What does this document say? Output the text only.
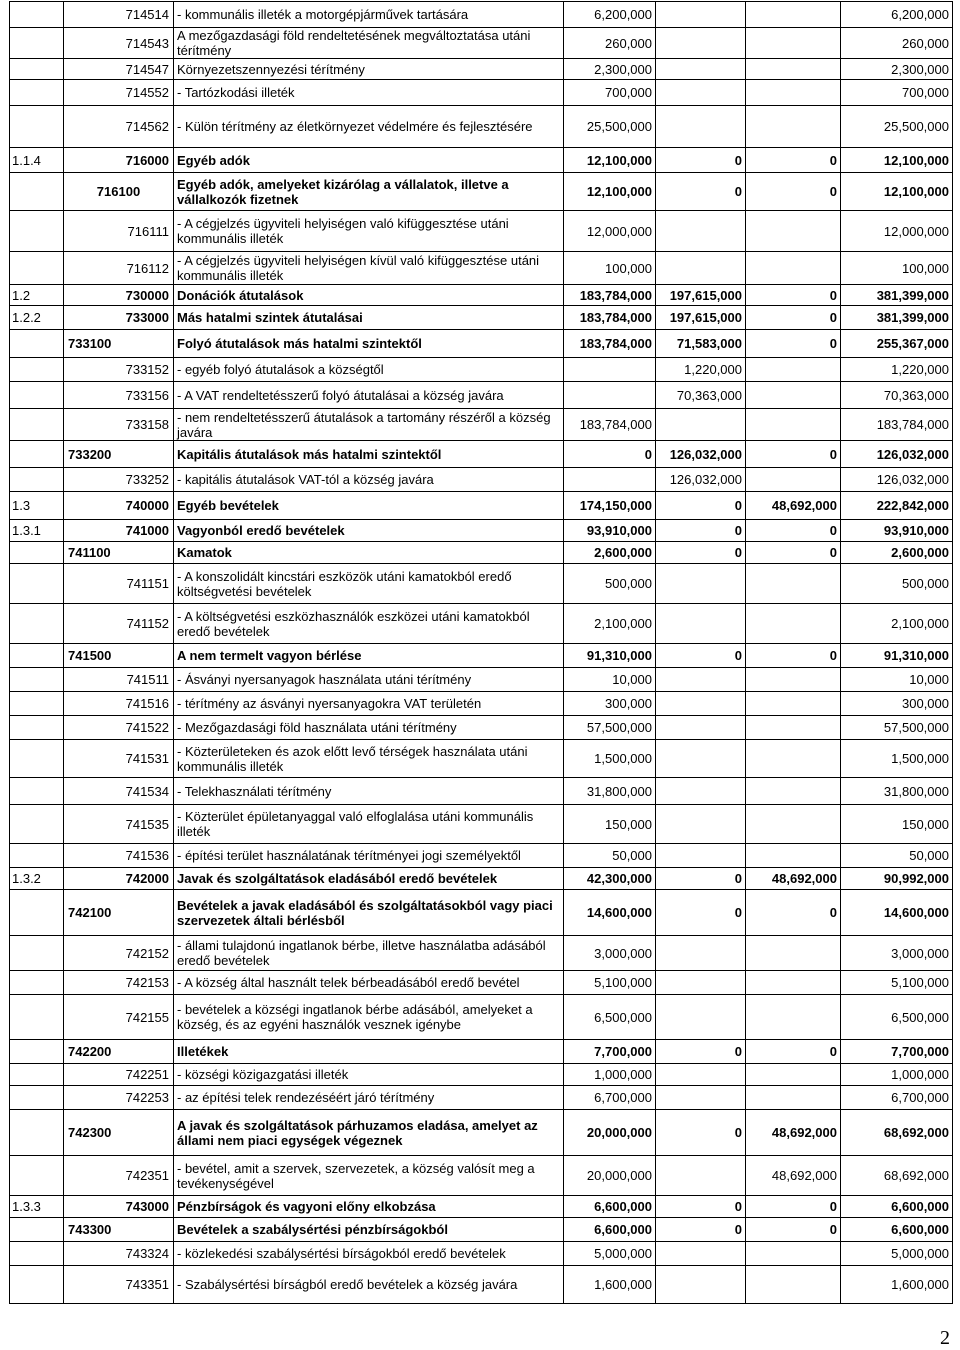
	714514	- kommunális illeték a motorgépjárművek tartására	6,200,000			6,200,000
	714543	A mezőgazdasági föld rendeltetésének megváltoztatása utáni térítmény	260,000			260,000
	714547	Környezetszennyezési térítmény	2,300,000			2,300,000
	714552	- Tartózkodási illeték	700,000			700,000
	714562	- Külön térítmény az életkörnyezet védelmére és fejlesztésére	25,500,000			25,500,000
1.1.4	716000	Egyéb adók	12,100,000	0	0	12,100,000
	716100	Egyéb adók, amelyeket kizárólag a vállalatok, illetve a vállalkozók fizetnek	12,100,000	0	0	12,100,000
	716111	- A cégjelzés ügyviteli helyiségen való kifüggesztése utáni kommunális illeték	12,000,000			12,000,000
	716112	- A cégjelzés ügyviteli helyiségen kívül való kifüggesztése utáni kommunális illeték	100,000			100,000
1.2	730000	Donációk átutalások	183,784,000	197,615,000	0	381,399,000
1.2.2	733000	Más hatalmi szintek átutalásai	183,784,000	197,615,000	0	381,399,000
	733100	Folyó átutalások más hatalmi szintektől	183,784,000	71,583,000	0	255,367,000
	733152	- egyéb folyó átutalások a községtől		1,220,000		1,220,000
	733156	- A VAT rendeltetésszerű folyó átutalásai a község javára		70,363,000		70,363,000
	733158	- nem rendeltetésszerű átutalások a tartomány részéről a község javára	183,784,000			183,784,000
	733200	Kapitális átutalások más hatalmi szintektől	0	126,032,000	0	126,032,000
	733252	- kapitális átutalások VAT-tól a község javára		126,032,000		126,032,000
1.3	740000	Egyéb bevételek	174,150,000	0	48,692,000	222,842,000
1.3.1	741000	Vagyonból eredő bevételek	93,910,000	0	0	93,910,000
	741100	Kamatok	2,600,000	0	0	2,600,000
	741151	- A konszolidált kincstári eszközök utáni kamatokból eredő költségvetési bevételek	500,000			500,000
	741152	- A költségvetési eszközhasználók eszközei utáni kamatokból eredő bevételek	2,100,000			2,100,000
	741500	A nem termelt vagyon bérlése	91,310,000	0	0	91,310,000
	741511	- Ásványi nyersanyagok használata utáni térítmény	10,000			10,000
	741516	- térítmény az ásványi nyersanyagokra VAT területén	300,000			300,000
	741522	- Mezőgazdasági föld használata utáni térítmény	57,500,000			57,500,000
	741531	- Közterületeken és azok előtt levő térségek használata utáni kommunális illeték	1,500,000			1,500,000
	741534	- Telekhasználati térítmény	31,800,000			31,800,000
	741535	- Közterület épületanyaggal való elfoglalása utáni kommunális illeték	150,000			150,000
	741536	- építési terület használatának térítményei jogi személyektől	50,000			50,000
1.3.2	742000	Javak és szolgáltatások eladásából eredő bevételek	42,300,000	0	48,692,000	90,992,000
	742100	Bevételek a javak eladásából és szolgáltatásokból vagy piaci szervezetek általi bérlésből	14,600,000	0	0	14,600,000
	742152	- állami tulajdonú ingatlanok bérbe, illetve használatba adásából eredő bevételek	3,000,000			3,000,000
	742153	- A község által használt telek bérbeadásából eredő bevétel	5,100,000			5,100,000
	742155	- bevételek a községi ingatlanok bérbe adásából, amelyeket a község, és az egyéni használók vesznek igénybe	6,500,000			6,500,000
	742200	Illetékek	7,700,000	0	0	7,700,000
	742251	- községi közigazgatási illeték	1,000,000			1,000,000
	742253	- az építési telek rendezéséért járó térítmény	6,700,000			6,700,000
	742300	A javak és szolgáltatások párhuzamos eladása, amelyet az állami nem piaci egységek végeznek	20,000,000	0	48,692,000	68,692,000
	742351	- bevétel, amit a szervek, szervezetek, a község valósít meg a tevékenységével	20,000,000		48,692,000	68,692,000
1.3.3	743000	Pénzbírságok és vagyoni előny elkobzása	6,600,000	0	0	6,600,000
	743300	Bevételek a szabálysértési pénzbírságokból	6,600,000	0	0	6,600,000
	743324	- közlekedési szabálysértési bírságokból eredő bevételek	5,000,000			5,000,000
	743351	- Szabálysértési bírságból eredő bevételek a község javára	1,600,000			1,600,000
2
